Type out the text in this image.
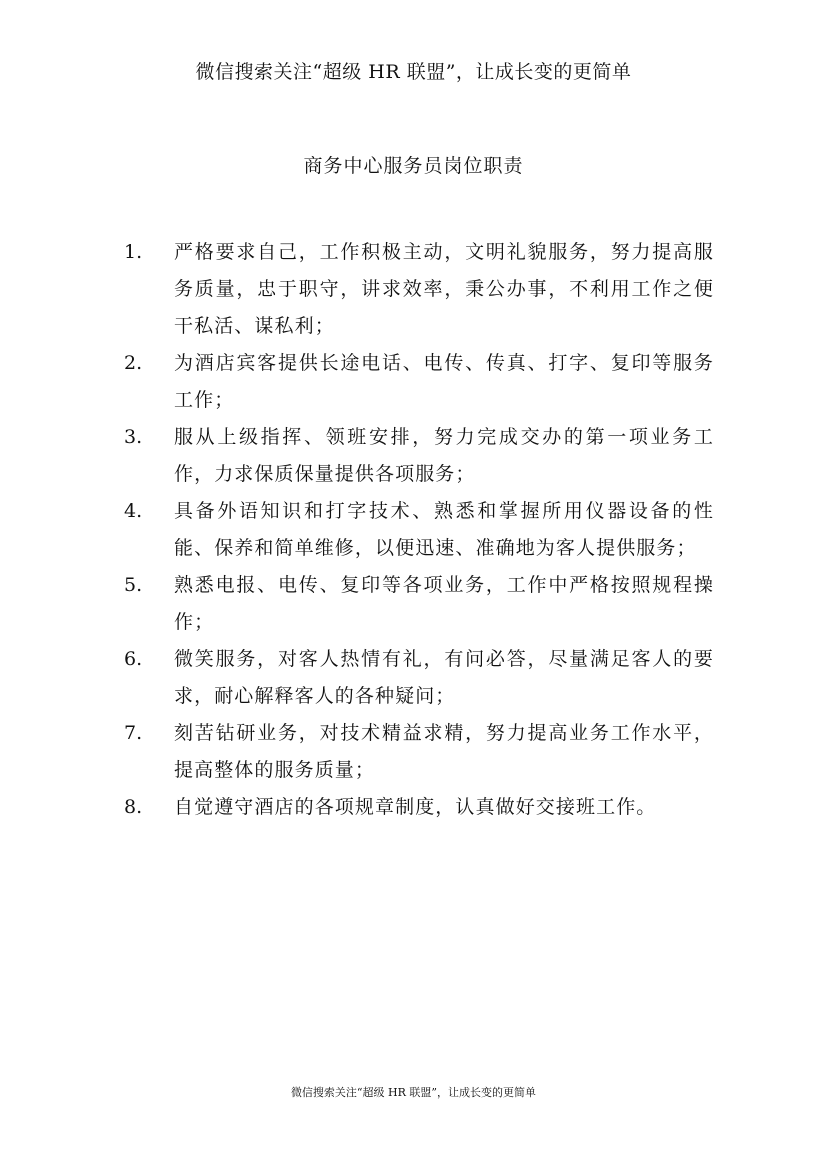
微信搜索关注“超级 HR 联盟”，让成长变的更简单
商务中心服务员岗位职责
1.	严格要求自己，工作积极主动，文明礼貌服务，努力提高服务质量，忠于职守，讲求效率，秉公办事，不利用工作之便干私活、谋私利；
2.	为酒店宾客提供长途电话、电传、传真、打字、复印等服务工作；
3.	服从上级指挥、领班安排，努力完成交办的第一项业务工作，力求保质保量提供各项服务；
4.	具备外语知识和打字技术、熟悉和掌握所用仪器设备的性能、保养和简单维修，以便迅速、准确地为客人提供服务；
5.	熟悉电报、电传、复印等各项业务，工作中严格按照规程操作；
6.	微笑服务，对客人热情有礼，有问必答，尽量满足客人的要求，耐心解释客人的各种疑问；
7.	刻苦钻研业务，对技术精益求精，努力提高业务工作水平，提高整体的服务质量；
8.	自觉遵守酒店的各项规章制度，认真做好交接班工作。
微信搜索关注“超级 HR 联盟”，让成长变的更简单
